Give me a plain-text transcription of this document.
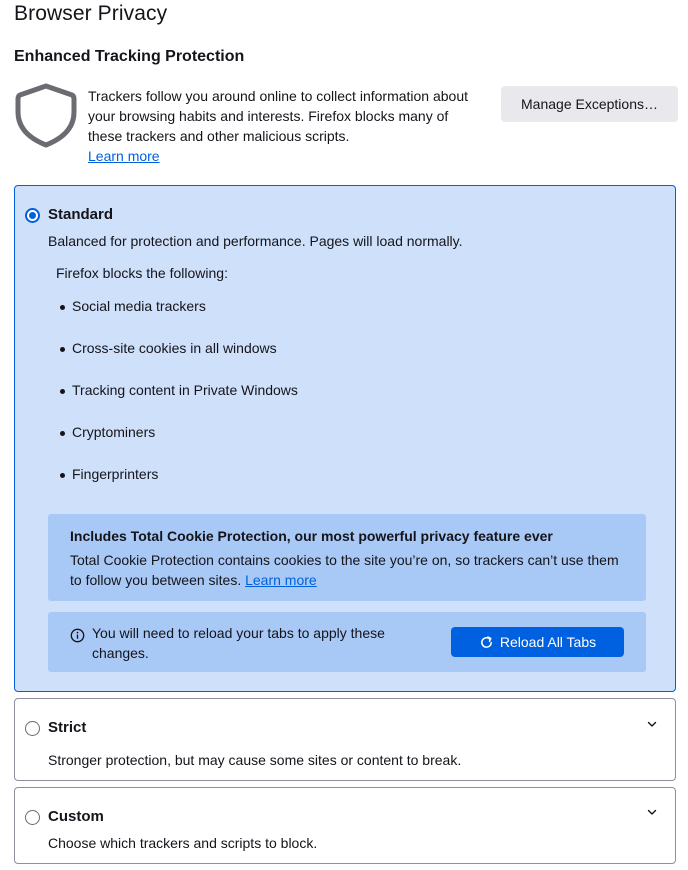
Browser Privacy
Enhanced Tracking Protection
Trackers follow you around online to collect information about your browsing habits and interests. Firefox blocks many of these trackers and other malicious scripts.
Learn more
Manage Exceptions…
Standard
Balanced for protection and performance. Pages will load normally.
Firefox blocks the following:
Social media trackers
Cross-site cookies in all windows
Tracking content in Private Windows
Cryptominers
Fingerprinters
Includes Total Cookie Protection, our most powerful privacy feature ever
Total Cookie Protection contains cookies to the site you’re on, so trackers can’t use them to follow you between sites. Learn more
You will need to reload your tabs to apply these changes.
Reload All Tabs
Strict
Stronger protection, but may cause some sites or content to break.
Custom
Choose which trackers and scripts to block.
